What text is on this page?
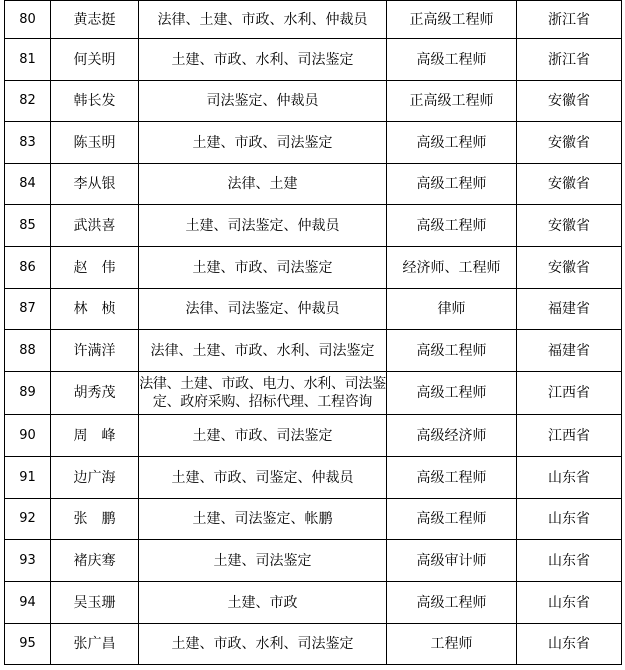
80	黄志挺	法律、土建、市政、水利、仲裁员	正高级工程师	浙江省
81	何关明	土建、市政、水利、司法鉴定	高级工程师	浙江省
82	韩长发	司法鉴定、仲裁员	正高级工程师	安徽省
83	陈玉明	土建、市政、司法鉴定	高级工程师	安徽省
84	李从银	法律、土建	高级工程师	安徽省
85	武洪喜	土建、司法鉴定、仲裁员	高级工程师	安徽省
86	赵　伟	土建、市政、司法鉴定	经济师、工程师	安徽省
87	林　桢	法律、司法鉴定、仲裁员	律师	福建省
88	许满洋	法律、土建、市政、水利、司法鉴定	高级工程师	福建省
89	胡秀茂	法律、土建、市政、电力、水利、司法鉴定、政府采购、招标代理、工程咨询	高级工程师	江西省
90	周　峰	土建、市政、司法鉴定	高级经济师	江西省
91	边广海	土建、市政、司鉴定、仲裁员	高级工程师	山东省
92	张　鹏	土建、司法鉴定、帐鹏	高级工程师	山东省
93	褚庆骞	土建、司法鉴定	高级审计师	山东省
94	吴玉珊	土建、市政	高级工程师	山东省
95	张广昌	土建、市政、水利、司法鉴定	工程师	山东省
